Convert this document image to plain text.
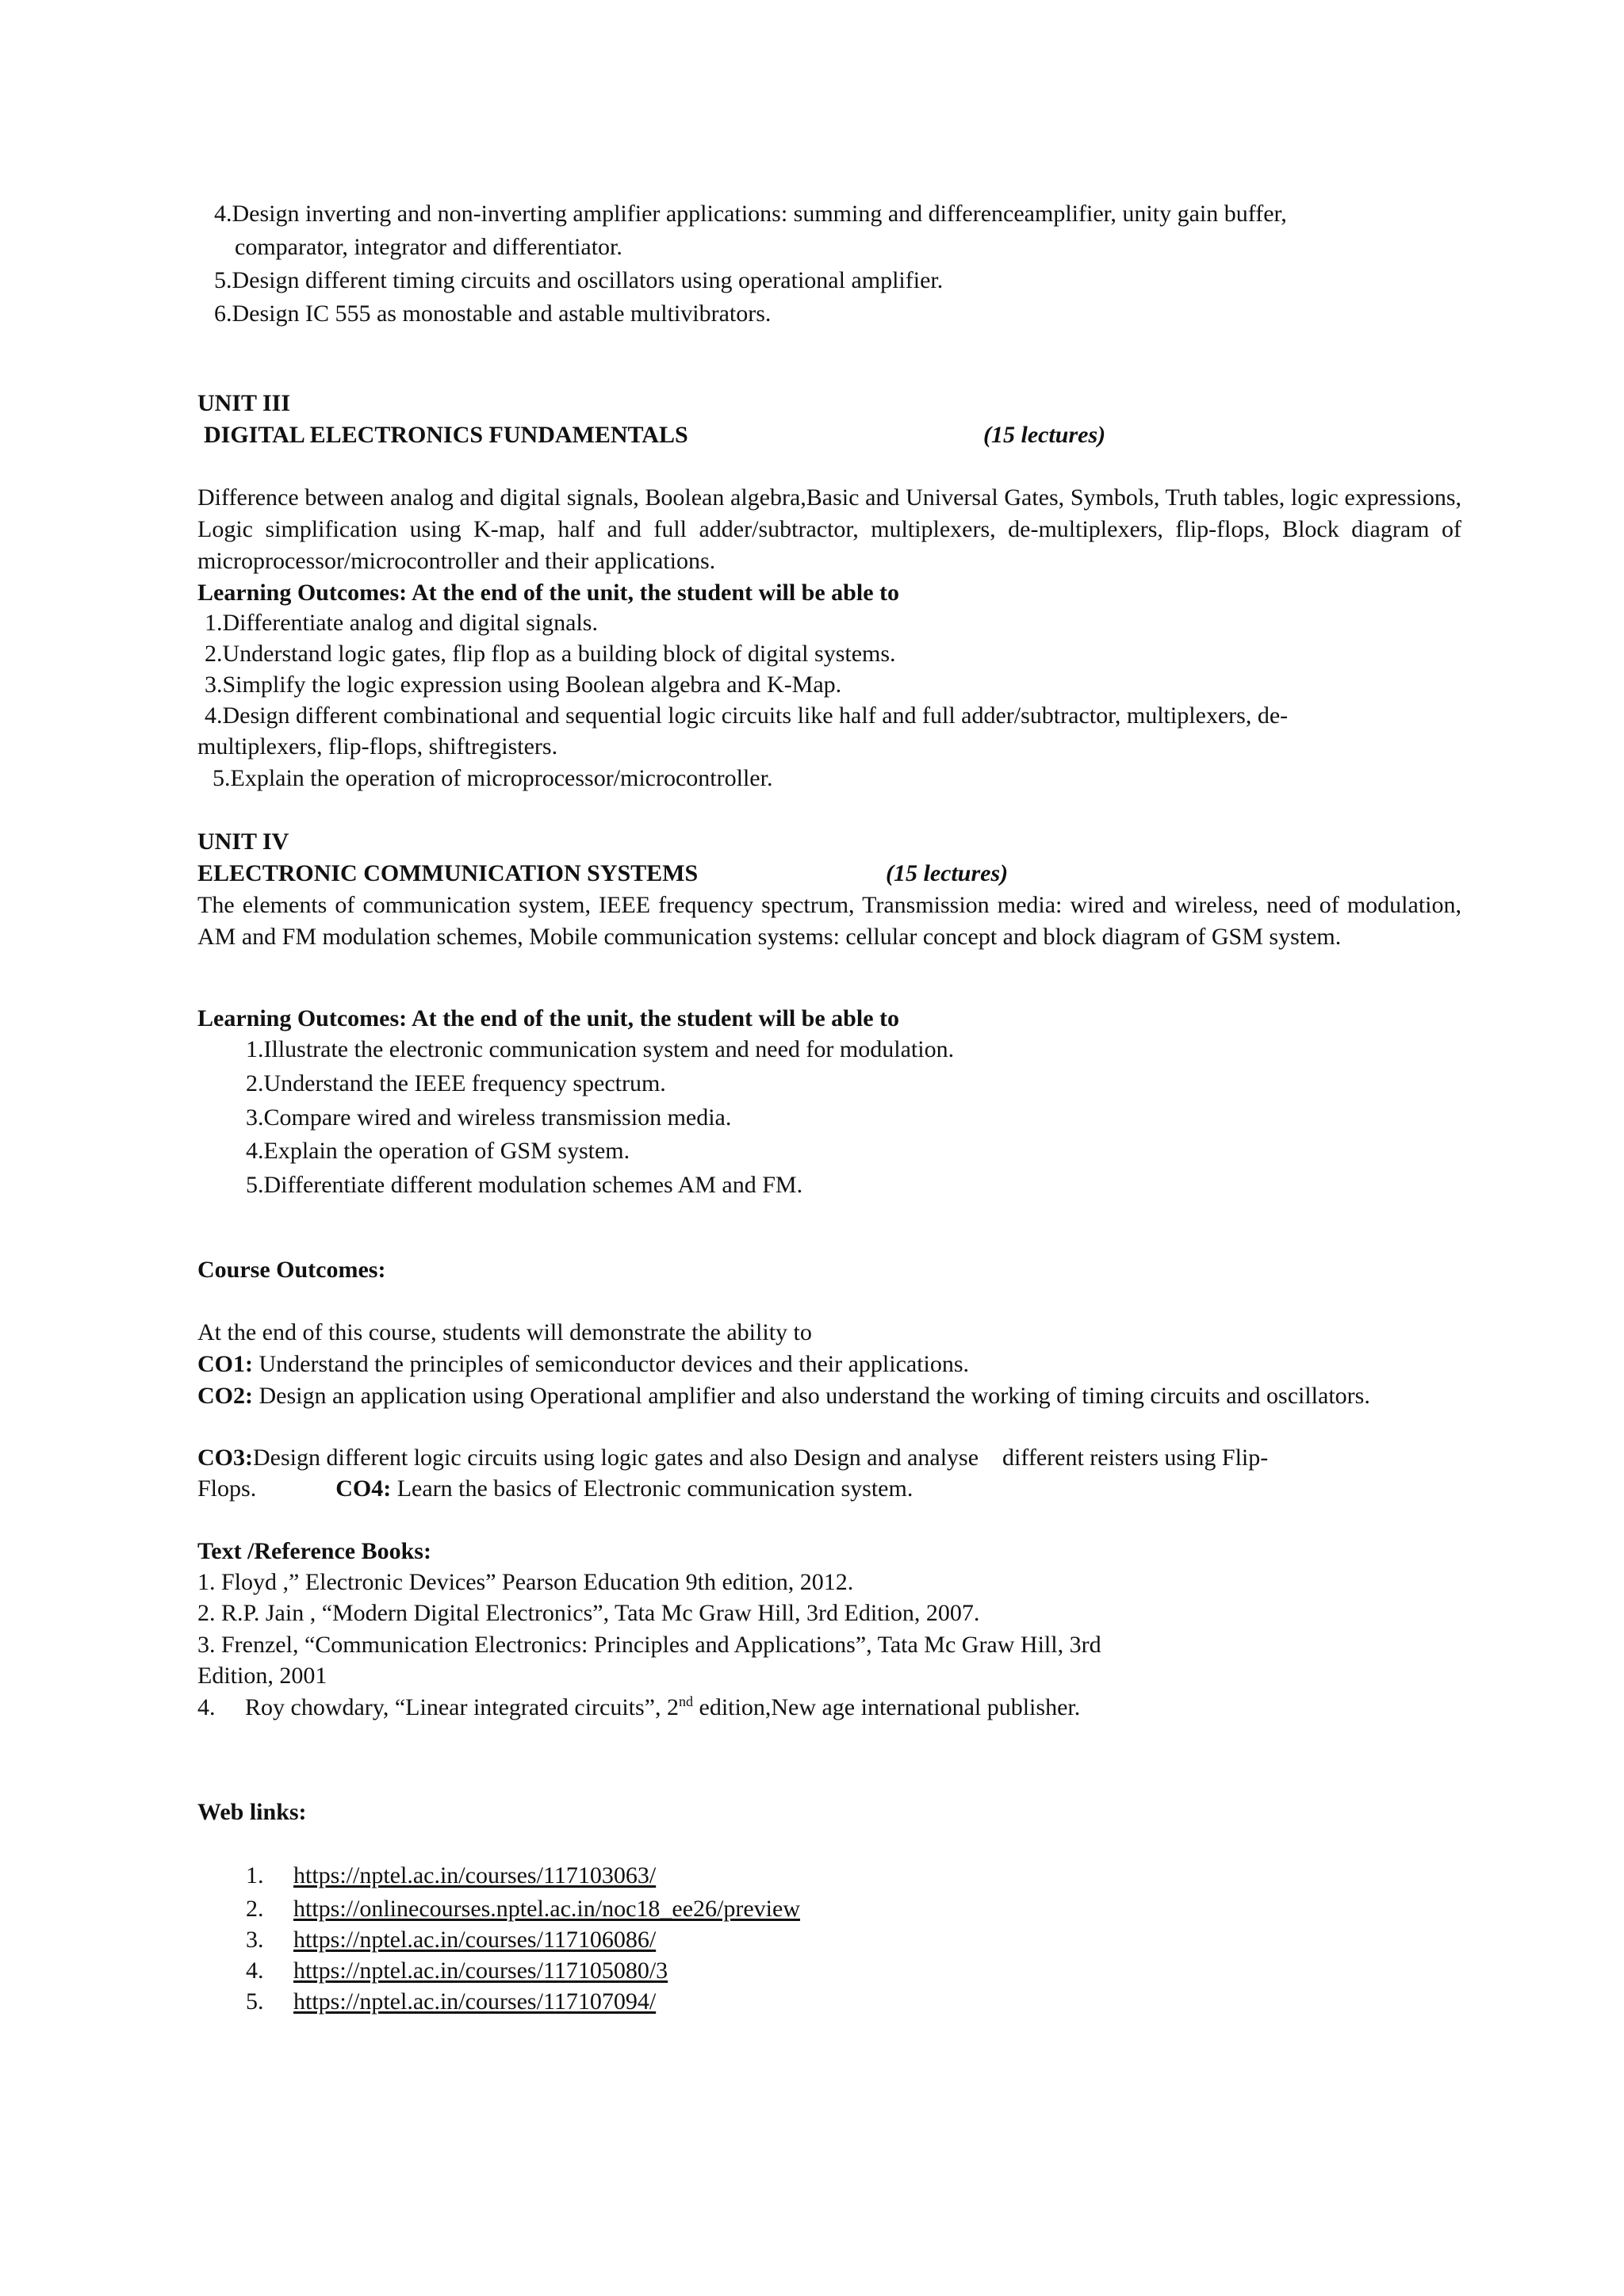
4.Design inverting and non-inverting amplifier applications: summing and differenceamplifier, unity gain buffer,
comparator, integrator and differentiator.
5.Design different timing circuits and oscillators using operational amplifier.
6.Design IC 555 as monostable and astable multivibrators.
UNIT III
DIGITAL ELECTRONICS FUNDAMENTALS	(15 lectures)
Difference between analog and digital signals, Boolean algebra,Basic and Universal Gates, Symbols, Truth tables, logic expressions, Logic simplification using K-map, half and full adder/subtractor, multiplexers, de-multiplexers, flip-flops, Block diagram of microprocessor/microcontroller and their applications.
Learning Outcomes: At the end of the unit, the student will be able to
1.Differentiate analog and digital signals.
2.Understand logic gates, flip flop as a building block of digital systems.
3.Simplify the logic expression using Boolean algebra and K-Map.
4.Design different combinational and sequential logic circuits like half and full adder/subtractor, multiplexers, de-
multiplexers, flip-flops, shiftregisters.
5.Explain the operation of microprocessor/microcontroller.
UNIT IV
ELECTRONIC COMMUNICATION SYSTEMS	(15 lectures)
The elements of communication system, IEEE frequency spectrum, Transmission media: wired and wireless, need of modulation, AM and FM modulation schemes, Mobile communication systems: cellular concept and block diagram of GSM system.
Learning Outcomes: At the end of the unit, the student will be able to
1.Illustrate the electronic communication system and need for modulation.
2.Understand the IEEE frequency spectrum.
3.Compare wired and wireless transmission media.
4.Explain the operation of GSM system.
5.Differentiate different modulation schemes AM and FM.
Course Outcomes:
At the end of this course, students will demonstrate the ability to
CO1: Understand the principles of semiconductor devices and their applications.
CO2: Design an application using Operational amplifier and also understand the working of timing circuits and oscillators.
CO3:Design different logic circuits using logic gates and also Design and analyse    different reisters using Flip-
Flops.	CO4: Learn the basics of Electronic communication system.
Text /Reference Books:
1. Floyd ,” Electronic Devices” Pearson Education 9th edition, 2012.
2. R.P. Jain , “Modern Digital Electronics”, Tata Mc Graw Hill, 3rd Edition, 2007.
3. Frenzel, “Communication Electronics: Principles and Applications”, Tata Mc Graw Hill, 3rd
Edition, 2001
4. Roy chowdary, “Linear integrated circuits”, 2nd edition,New age international publisher.
Web links:
1. https://nptel.ac.in/courses/117103063/
2. https://onlinecourses.nptel.ac.in/noc18_ee26/preview
3. https://nptel.ac.in/courses/117106086/
4. https://nptel.ac.in/courses/117105080/3
5. https://nptel.ac.in/courses/117107094/
